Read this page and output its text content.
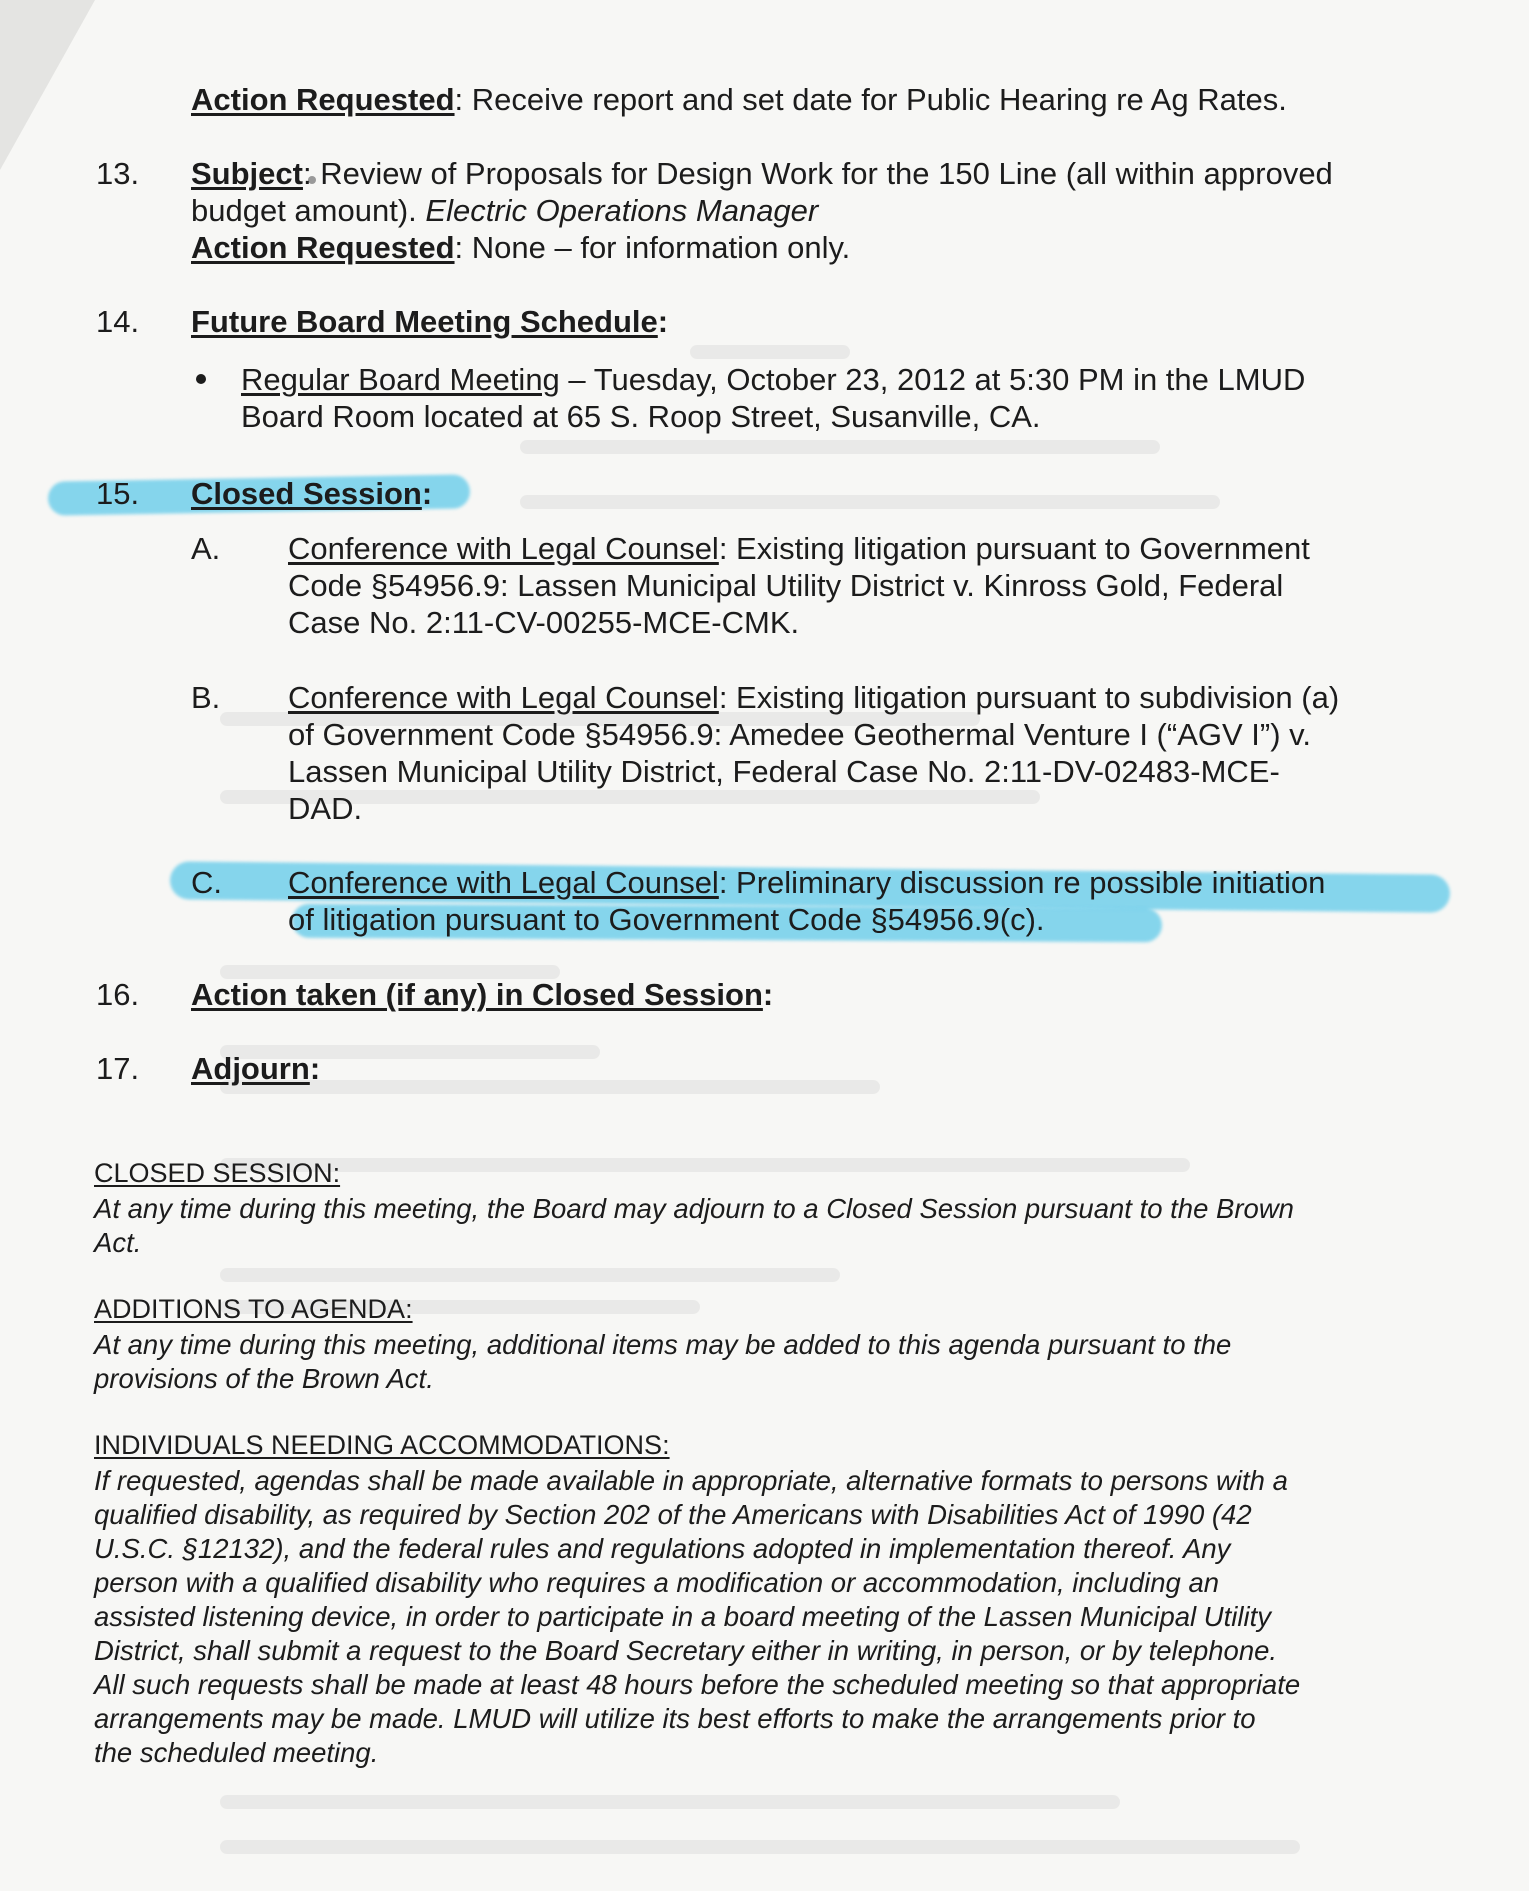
Action Requested: Receive report and set date for Public Hearing re Ag Rates.

13. Subject: Review of Proposals for Design Work for the 150 Line (all within approved

budget amount). Electric Operations Manager

Action Requested: None – for information only.

14. Future Board Meeting Schedule:

Regular Board Meeting – Tuesday, October 23, 2012 at 5:30 PM in the LMUD

Board Room located at 65 S. Roop Street, Susanville, CA.

15. Closed Session:

A. Conference with Legal Counsel: Existing litigation pursuant to Government

Code §54956.9: Lassen Municipal Utility District v. Kinross Gold, Federal

Case No. 2:11-CV-00255-MCE-CMK.

B. Conference with Legal Counsel: Existing litigation pursuant to subdivision (a)

of Government Code §54956.9: Amedee Geothermal Venture I (“AGV I”) v.

Lassen Municipal Utility District, Federal Case No. 2:11-DV-02483-MCE-

DAD.

C. Conference with Legal Counsel: Preliminary discussion re possible initiation

of litigation pursuant to Government Code §54956.9(c).

16. Action taken (if any) in Closed Session:

17. Adjourn:

CLOSED SESSION:
At any time during this meeting, the Board may adjourn to a Closed Session pursuant to the Brown
Act.
ADDITIONS TO AGENDA:
At any time during this meeting, additional items may be added to this agenda pursuant to the
provisions of the Brown Act.
INDIVIDUALS NEEDING ACCOMMODATIONS:
If requested, agendas shall be made available in appropriate, alternative formats to persons with a
qualified disability, as required by Section 202 of the Americans with Disabilities Act of 1990 (42
U.S.C. §12132), and the federal rules and regulations adopted in implementation thereof. Any
person with a qualified disability who requires a modification or accommodation, including an
assisted listening device, in order to participate in a board meeting of the Lassen Municipal Utility
District, shall submit a request to the Board Secretary either in writing, in person, or by telephone.
All such requests shall be made at least 48 hours before the scheduled meeting so that appropriate
arrangements may be made. LMUD will utilize its best efforts to make the arrangements prior to
the scheduled meeting.
